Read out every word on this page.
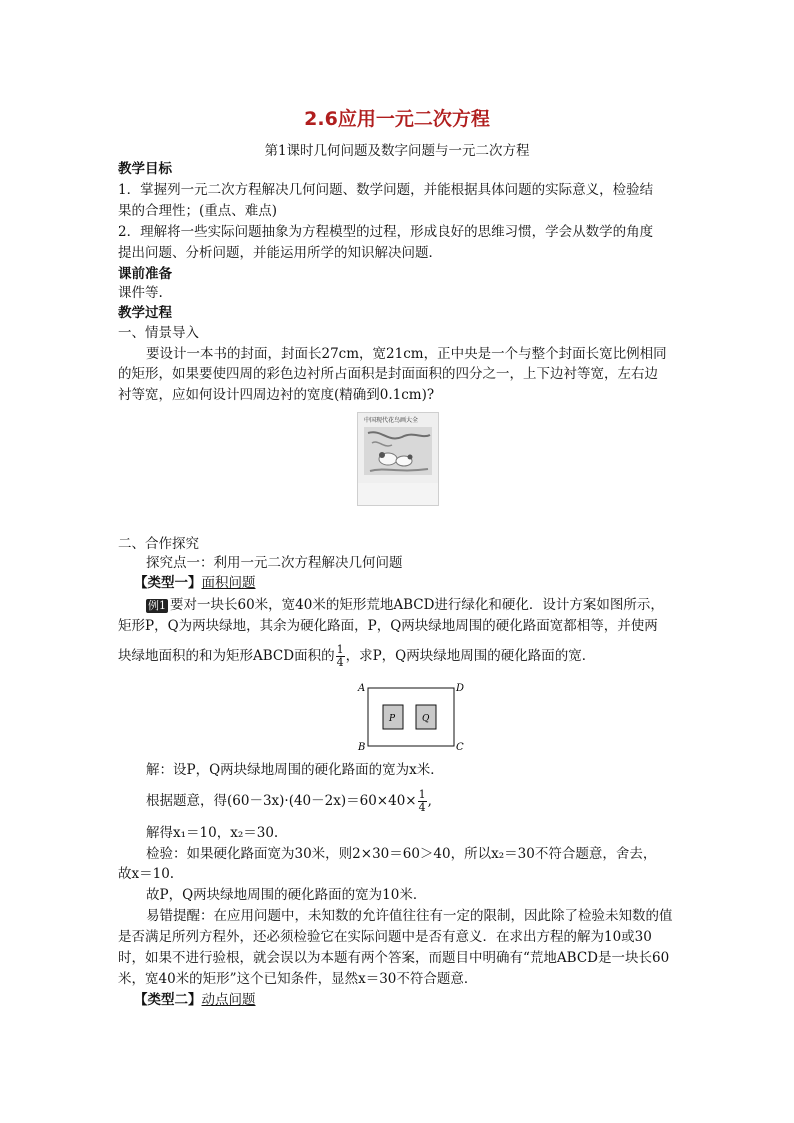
2.6应用一元二次方程
第1课时几何问题及数字问题与一元二次方程
教学目标
1．掌握列一元二次方程解决几何问题、数学问题，并能根据具体问题的实际意义，检验结
果的合理性；(重点、难点)
2．理解将一些实际问题抽象为方程模型的过程，形成良好的思维习惯，学会从数学的角度
提出问题、分析问题，并能运用所学的知识解决问题．
课前准备
课件等.
教学过程
一、情景导入
要设计一本书的封面，封面长27cm，宽21cm，正中央是一个与整个封面长宽比例相同
的矩形，如果要使四周的彩色边衬所占面积是封面面积的四分之一，上下边衬等宽，左右边
衬等宽，应如何设计四周边衬的宽度(精确到0.1cm)?
中国现代花鸟画大全
二、合作探究
探究点一：利用一元二次方程解决几何问题
【类型一】面积问题
例1 要对一块长60米，宽40米的矩形荒地ABCD进行绿化和硬化．设计方案如图所示，
矩形P，Q为两块绿地，其余为硬化路面，P，Q两块绿地周围的硬化路面宽都相等，并使两
块绿地面积的和为矩形ABCD面积的 $\frac{1}{4}$ ，求P，Q两块绿地周围的硬化路面的宽．
A
B	C
D
P	Q
解：设P，Q两块绿地周围的硬化路面的宽为x米．
根据题意，得$(60-3x)\cdot(40-2x)=60\times 40\times \frac{1}{4}$ ,
解得x₁＝10，x₂＝30.
检验：如果硬化路面宽为30米，则2×30＝60＞40，所以x₂＝30不符合题意，舍去，
故x＝10.
故P，Q两块绿地周围的硬化路面的宽为10米．
易错提醒：在应用问题中，未知数的允许值往往有一定的限制，因此除了检验未知数的值
是否满足所列方程外，还必须检验它在实际问题中是否有意义．在求出方程的解为10或30
时，如果不进行验根，就会误以为本题有两个答案，而题目中明确有“荒地ABCD是一块长60
米，宽40米的矩形”这个已知条件，显然x＝30不符合题意．
【类型二】动点问题
